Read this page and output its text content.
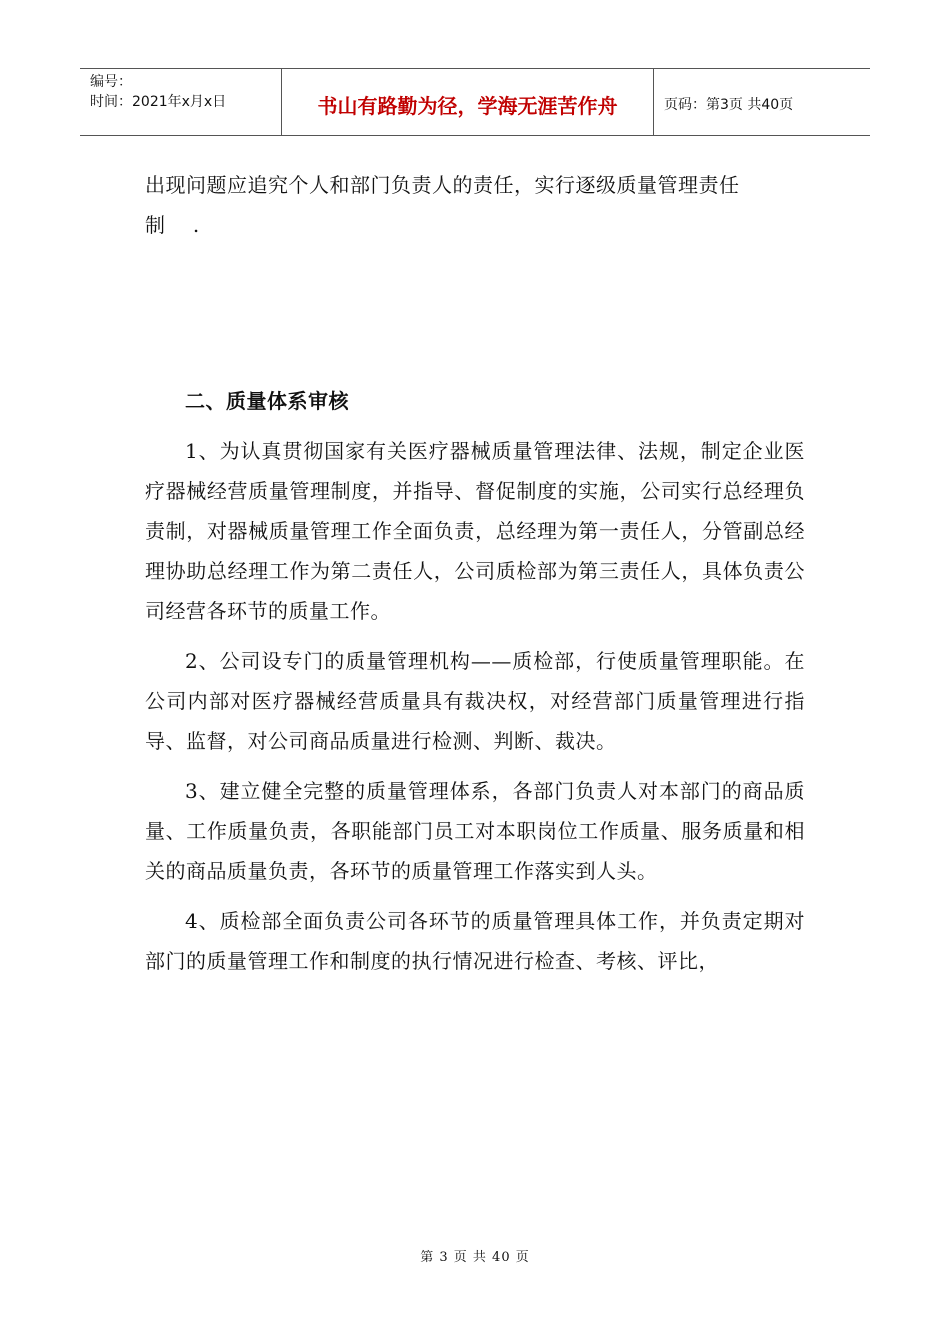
编号：
时间：2021年x月x日	书山有路勤为径，学海无涯苦作舟	页码：第3页 共40页

出现问题应追究个人和部门负责人的责任，实行逐级质量管理责任

制    .

二、质量体系审核

1、为认真贯彻国家有关医疗器械质量管理法律、法规，制定企业医疗器械经营质量管理制度，并指导、督促制度的实施，公司实行总经理负责制，对器械质量管理工作全面负责，总经理为第一责任人，分管副总经理协助总经理工作为第二责任人，公司质检部为第三责任人，具体负责公司经营各环节的质量工作。

2、公司设专门的质量管理机构——质检部，行使质量管理职能。在公司内部对医疗器械经营质量具有裁决权，对经营部门质量管理进行指导、监督，对公司商品质量进行检测、判断、裁决。

3、建立健全完整的质量管理体系，各部门负责人对本部门的商品质量、工作质量负责，各职能部门员工对本职岗位工作质量、服务质量和相关的商品质量负责，各环节的质量管理工作落实到人头。

4、质检部全面负责公司各环节的质量管理具体工作，并负责定期对部门的质量管理工作和制度的执行情况进行检查、考核、评比，

第 3 页 共 40 页
